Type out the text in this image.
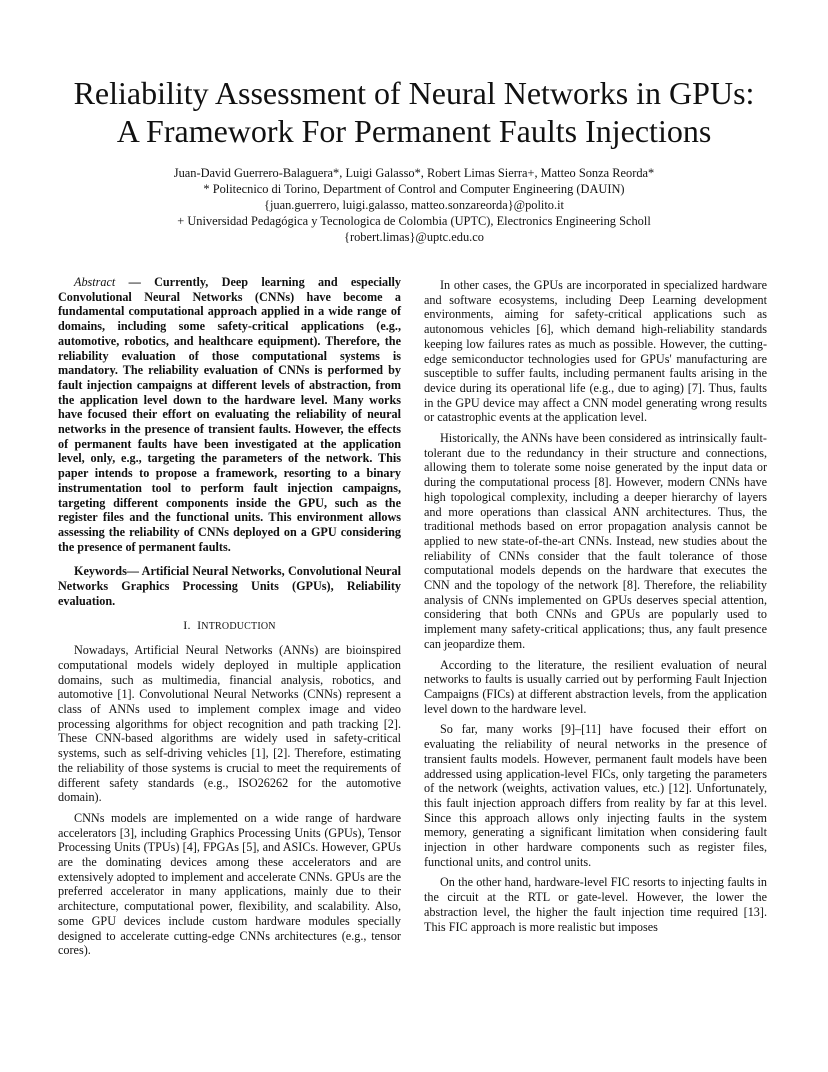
Reliability Assessment of Neural Networks in GPUs:
A Framework For Permanent Faults Injections
Juan-David Guerrero-Balaguera*, Luigi Galasso*, Robert Limas Sierra+, Matteo Sonza Reorda*
* Politecnico di Torino, Department of Control and Computer Engineering (DAUIN)
{juan.guerrero, luigi.galasso, matteo.sonzareorda}@polito.it
+ Universidad Pedagógica y Tecnologica de Colombia (UPTC), Electronics Engineering Scholl
{robert.limas}@uptc.edu.co

Abstract — Currently, Deep learning and especially Convolutional Neural Networks (CNNs) have become a fundamental computational approach applied in a wide range of domains, including some safety-critical applications (e.g., automotive, robotics, and healthcare equipment). Therefore, the reliability evaluation of those computational systems is mandatory. The reliability evaluation of CNNs is performed by fault injection campaigns at different levels of abstraction, from the application level down to the hardware level. Many works have focused their effort on evaluating the reliability of neural networks in the presence of transient faults. However, the effects of permanent faults have been investigated at the application level, only, e.g., targeting the parameters of the network. This paper intends to propose a framework, resorting to a binary instrumentation tool to perform fault injection campaigns, targeting different components inside the GPU, such as the register files and the functional units. This environment allows assessing the reliability of CNNs deployed on a GPU considering the presence of permanent faults.

Keywords— Artificial Neural Networks, Convolutional Neural Networks Graphics Processing Units (GPUs), Reliability evaluation.

I. INTRODUCTION

Nowadays, Artificial Neural Networks (ANNs) are bioinspired computational models widely deployed in multiple application domains, such as multimedia, financial analysis, robotics, and automotive [1]. Convolutional Neural Networks (CNNs) represent a class of ANNs used to implement complex image and video processing algorithms for object recognition and path tracking [2]. These CNN-based algorithms are widely used in safety-critical systems, such as self-driving vehicles [1], [2]. Therefore, estimating the reliability of those systems is crucial to meet the requirements of different safety standards (e.g., ISO26262 for the automotive domain).

CNNs models are implemented on a wide range of hardware accelerators [3], including Graphics Processing Units (GPUs), Tensor Processing Units (TPUs) [4], FPGAs [5], and ASICs. However, GPUs are the dominating devices among these accelerators and are extensively adopted to implement and accelerate CNNs. GPUs are the preferred accelerator in many applications, mainly due to their architecture, computational power, flexibility, and scalability. Also, some GPU devices include custom hardware modules specially designed to accelerate cutting-edge CNNs architectures (e.g., tensor cores).

In other cases, the GPUs are incorporated in specialized hardware and software ecosystems, including Deep Learning development environments, aiming for safety-critical applications such as autonomous vehicles [6], which demand high-reliability standards keeping low failures rates as much as possible. However, the cutting-edge semiconductor technologies used for GPUs' manufacturing are susceptible to suffer faults, including permanent faults arising in the device during its operational life (e.g., due to aging) [7]. Thus, faults in the GPU device may affect a CNN model generating wrong results or catastrophic events at the application level.

Historically, the ANNs have been considered as intrinsically fault-tolerant due to the redundancy in their structure and connections, allowing them to tolerate some noise generated by the input data or during the computational process [8]. However, modern CNNs have high topological complexity, including a deeper hierarchy of layers and more operations than classical ANN architectures. Thus, the traditional methods based on error propagation analysis cannot be applied to new state-of-the-art CNNs. Instead, new studies about the reliability of CNNs consider that the fault tolerance of those computational models depends on the hardware that executes the CNN and the topology of the network [8]. Therefore, the reliability analysis of CNNs implemented on GPUs deserves special attention, considering that both CNNs and GPUs are popularly used to implement many safety-critical applications; thus, any fault presence can jeopardize them.

According to the literature, the resilient evaluation of neural networks to faults is usually carried out by performing Fault Injection Campaigns (FICs) at different abstraction levels, from the application level down to the hardware level.

So far, many works [9]–[11] have focused their effort on evaluating the reliability of neural networks in the presence of transient faults models. However, permanent fault models have been addressed using application-level FICs, only targeting the parameters of the network (weights, activation values, etc.) [12]. Unfortunately, this fault injection approach differs from reality by far at this level. Since this approach allows only injecting faults in the system memory, generating a significant limitation when considering fault injection in other hardware components such as register files, functional units, and control units.

On the other hand, hardware-level FIC resorts to injecting faults in the circuit at the RTL or gate-level. However, the lower the abstraction level, the higher the fault injection time required [13]. This FIC approach is more realistic but imposes
